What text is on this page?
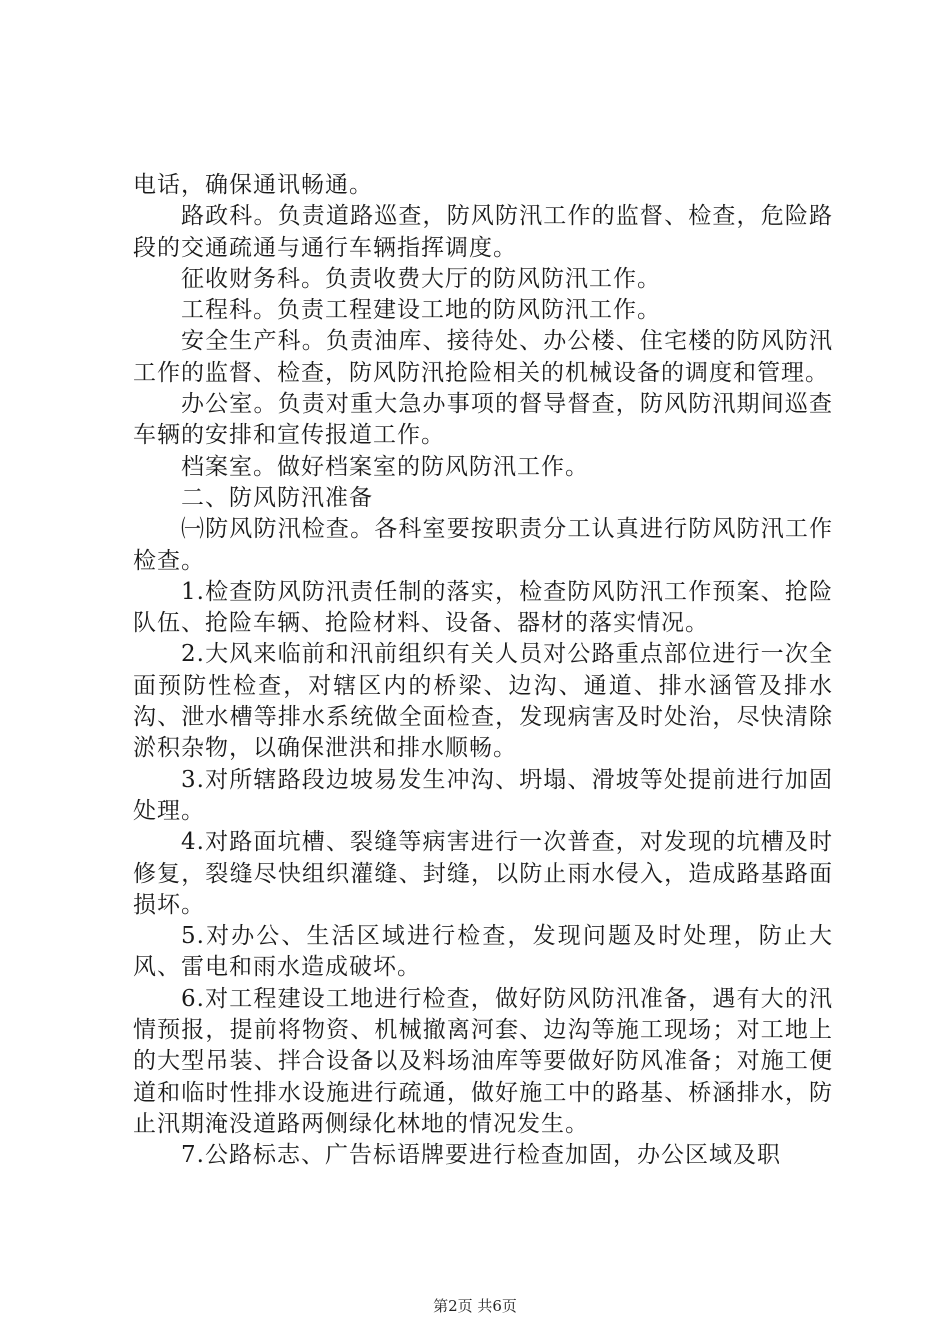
电话，确保通讯畅通。

路政科。负责道路巡查，防风防汛工作的监督、检查，危险路段的交通疏通与通行车辆指挥调度。

征收财务科。负责收费大厅的防风防汛工作。

工程科。负责工程建设工地的防风防汛工作。

安全生产科。负责油库、接待处、办公楼、住宅楼的防风防汛工作的监督、检查，防风防汛抢险相关的机械设备的调度和管理。

办公室。负责对重大急办事项的督导督查，防风防汛期间巡查车辆的安排和宣传报道工作。

档案室。做好档案室的防风防汛工作。

二、防风防汛准备

㈠防风防汛检查。各科室要按职责分工认真进行防风防汛工作检查。

1.检查防风防汛责任制的落实，检查防风防汛工作预案、抢险队伍、抢险车辆、抢险材料、设备、器材的落实情况。

2.大风来临前和汛前组织有关人员对公路重点部位进行一次全面预防性检查，对辖区内的桥梁、边沟、通道、排水涵管及排水沟、泄水槽等排水系统做全面检查，发现病害及时处治，尽快清除淤积杂物，以确保泄洪和排水顺畅。

3.对所辖路段边坡易发生冲沟、坍塌、滑坡等处提前进行加固处理。

4.对路面坑槽、裂缝等病害进行一次普查，对发现的坑槽及时修复，裂缝尽快组织灌缝、封缝，以防止雨水侵入，造成路基路面损坏。

5.对办公、生活区域进行检查，发现问题及时处理，防止大风、雷电和雨水造成破坏。

6.对工程建设工地进行检查，做好防风防汛准备，遇有大的汛情预报，提前将物资、机械撤离河套、边沟等施工现场；对工地上的大型吊装、拌合设备以及料场油库等要做好防风准备；对施工便道和临时性排水设施进行疏通，做好施工中的路基、桥涵排水，防止汛期淹没道路两侧绿化林地的情况发生。

7.公路标志、广告标语牌要进行检查加固，办公区域及职

第2页 共6页
